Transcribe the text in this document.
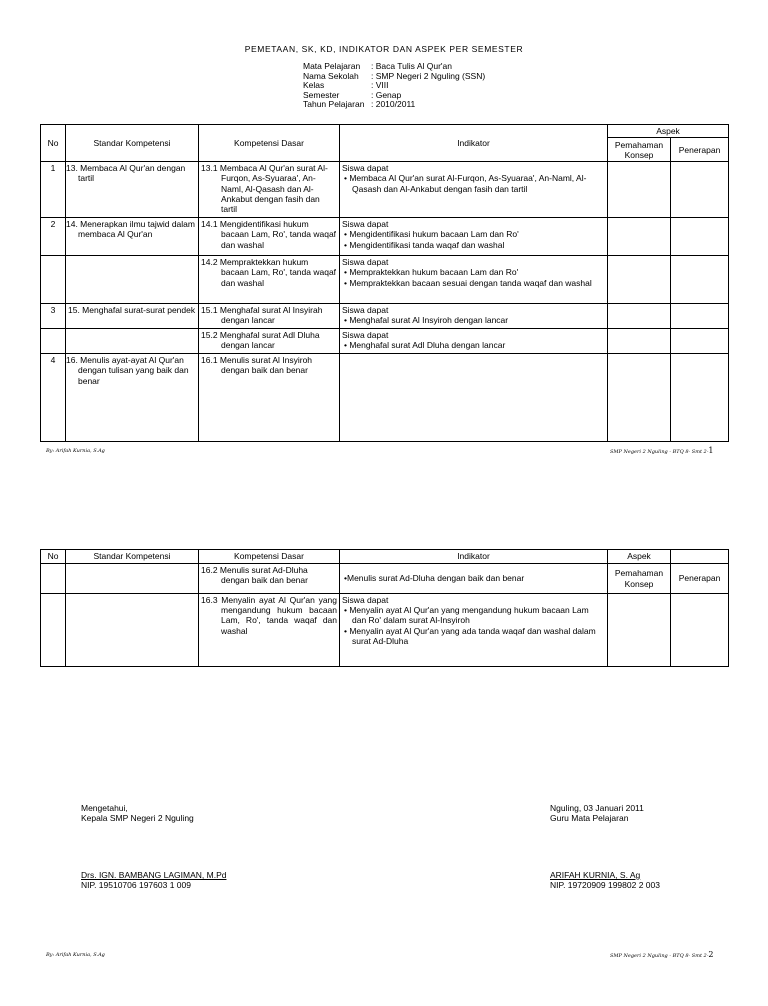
PEMETAAN, SK, KD, INDIKATOR DAN ASPEK PER SEMESTER
Mata Pelajaran	: Baca Tulis Al Qur'an
Nama Sekolah	: SMP Negeri 2 Nguling (SSN)
Kelas	: VIII
Semester	: Genap
Tahun Pelajaran : 2010/2011
No	Standar Kompetensi	Kompetensi Dasar	Indikator	Aspek	
				Pemahaman Konsep	Penerapan
1	13. Membaca Al Qur'an dengan tartil	13.1 Membaca Al Qur'an surat Al-Furqon, As-Syuaraa', An-Naml, Al-Qasash dan Al-Ankabut dengan fasih dan tartil	Siswa dapat
• Membaca Al Qur'an surat Al-Furqon, As-Syuaraa', An-Naml, Al-Qasash dan Al-Ankabut dengan fasih dan tartil		

2	14. Menerapkan ilmu tajwid dalam membaca Al Qur'an	14.1 Mengidentifikasi hukum bacaan Lam, Ro', tanda waqaf dan washal	Siswa dapat
• Mengidentifikasi hukum bacaan Lam dan Ro'
• Mengidentifikasi tanda waqaf dan washal		

		14.2 Mempraktekkan hukum bacaan Lam, Ro', tanda waqaf dan washal	Siswa dapat
• Mempraktekkan hukum bacaan Lam dan Ro'
• Mempraktekkan bacaan sesuai dengan tanda waqaf dan washal		

3	15. Menghafal surat-surat pendek	15.1 Menghafal surat Al Insyirah dengan lancar	Siswa dapat
• Menghafal surat Al Insyiroh dengan lancar		

		15.2 Menghafal surat Adl Dluha dengan lancar	Siswa dapat
• Menghafal surat Adl Dluha dengan lancar		

4	16. Menulis ayat-ayat Al Qur'an dengan tulisan yang baik dan benar	16.1 Menulis surat Al Insyiroh dengan baik dan benar			
By: Arifah Kurnia, S.Ag	SMP Negeri 2 Nguling - BTQ 8- Smt 2-1
No	Standar Kompetensi	Kompetensi Dasar	Indikator	Aspek	
		16.2 Menulis surat Ad-Dluha dengan baik dan benar	•Menulis surat Ad-Dluha dengan baik dan benar	Pemahaman Konsep	Penerapan
		16.3 Menyalin ayat Al Qur'an yang mengandung hukum bacaan Lam, Ro', tanda waqaf dan washal	Siswa dapat
• Menyalin ayat Al Qur'an yang mengandung hukum bacaan Lam dan Ro' dalam surat Al-Insyiroh
• Menyalin ayat Al Qur'an yang ada tanda waqaf dan washal dalam surat Ad-Dluha		

Mengetahui,
Kepala SMP Negeri 2 Nguling
Nguling, 03 Januari 2011
Guru Mata Pelajaran
Drs. IGN. BAMBANG LAGIMAN, M.Pd
NIP. 19510706 197603 1 009
ARIFAH KURNIA, S. Ag
NIP. 19720909 199802 2 003
By: Arifah Kurnia, S.Ag	SMP Negeri 2 Nguling - BTQ 8- Smt 2-2
